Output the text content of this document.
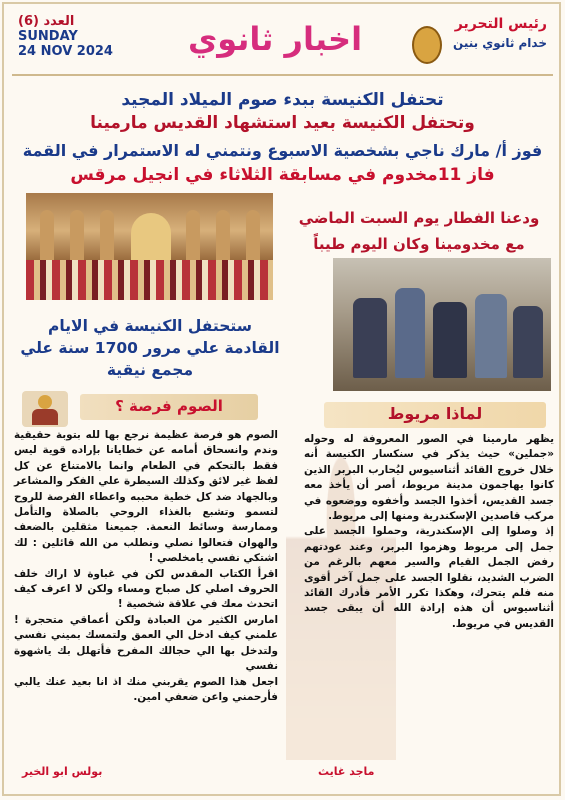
العدد (6)
SUNDAY
24 NOV 2024	اخبار ثانوي	رئيس التحرير
خدام ثانوي بنين
تحتفل الكنيسة ببدء صوم الميلاد المجيد
وتحتفل الكنيسة بعيد استشهاد القديس مارمينا
فوز أ/ مارك ناجي بشخصية الاسبوع ونتمني له الاستمرار في القمة
فاز 11مخدوم في مسابقة الثلاثاء في انجيل مرقس
ودعنا الفطار يوم السبت الماضي
مع مخدومينا وكان اليوم طيباً
ستحتفل الكنيسة في الايام
القادمة علي مرور 1700 سنة علي
مجمع نيقية
الصوم فرصة ؟	لماذا مريوط

الصوم هو فرصة عظيمة نرجع بها لله بتوبة حقيقية وندم وانسحاق أمامه عن خطايانا بإراده قوية ليس فقط بالتحكم في الطعام وانما بالامتناع عن كل لفظ غير لائق وكذلك السيطرة علي الفكر والمشاعر وبالجهاد ضد كل خطية محببه واعطاء الفرصة للروح لتسمو وتشبع بالغذاء الروحي بالصلاة والتأمل وممارسة وسائط النعمة. جميعنا مثقلين بالضعف والهوان فتعالوا نصلي ونطلب من الله قائلين : لك اشتكي نفسي يامخلصي !

اقرأ الكتاب المقدس لكن في غباوة لا اراك خلف الحروف اصلي كل صباح ومساء ولكن لا اعرف كيف اتحدث معك في علاقة شخصية !

امارس الكثير من العبادة ولكن أعماقي متحجرة ! علمني كيف ادخل الي العمق ولتمسك بميني نفسي ولتدخل بها الي حجالك المفرح فأتهلل بك ياشهوة نفسي

اجعل هذا الصوم يقربني منك اذ انا بعيد عنك يالبي فأرحمني واعن ضعفي امين.

يظهر مارمينا في الصور المعروفة له وحوله «جملين» حيث يذكر في سنكسار الكنيسة أنه خلال خروج القائد أثناسيوس ليُحارب البربر الذين كانوا يهاجمون مدينة مريوط، أصر أن يأخذ معه جسد القديس، أخذوا الجسد وأخفوه ووضعوه في مركب قاصدين الإسكندرية ومنها إلى مريوط.

إذ وصلوا إلى الإسكندرية، وحملوا الجسد على جمل إلى مريوط وهزموا البربر، وعند عودتهم رفض الجمل القيام والسير معهم بالرغم من الضرب الشديد، نقلوا الجسد على جمل آخر أقوى منه فلم يتحرك، وهكذا تكرر الأمر فأدرك القائد أثناسيوس أن هذه إرادة الله أن يبقى جسد القديس في مريوط.

بولس ابو الخير	ماجد غايث
